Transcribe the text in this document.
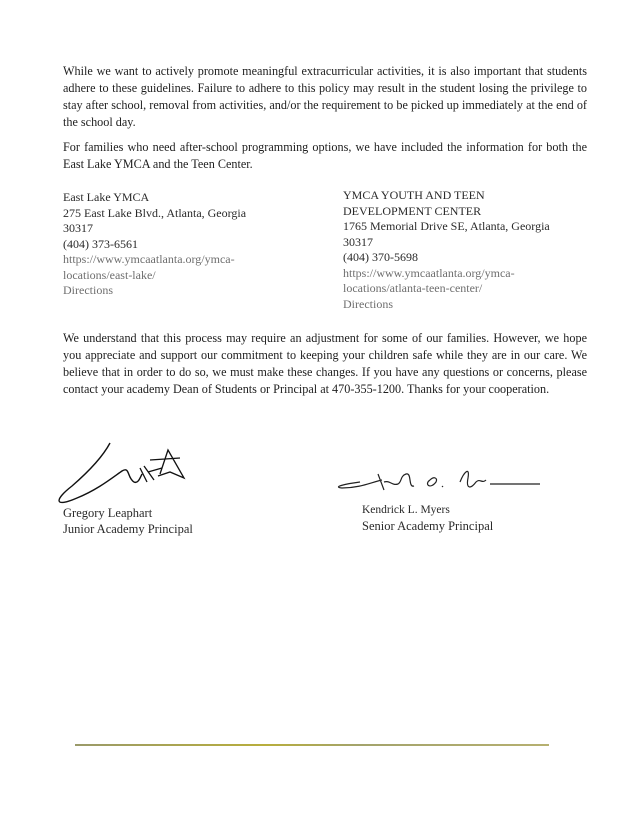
While we want to actively promote meaningful extracurricular activities, it is also important that students adhere to these guidelines. Failure to adhere to this policy may result in the student losing the privilege to stay after school, removal from activities, and/or the requirement to be picked up immediately at the end of the school day.

For families who need after-school programming options, we have included the information for both the East Lake YMCA and the Teen Center.

East Lake YMCA
275 East Lake Blvd., Atlanta, Georgia
30317
(404) 373-6561
https://www.ymcaatlanta.org/ymca-
locations/east-lake/
Directions
YMCA YOUTH AND TEEN
DEVELOPMENT CENTER
1765 Memorial Drive SE, Atlanta, Georgia
30317
(404) 370-5698
https://www.ymcaatlanta.org/ymca-
locations/atlanta-teen-center/
Directions

We understand that this process may require an adjustment for some of our families. However, we hope you appreciate and support our commitment to keeping your children safe while they are in our care. We believe that in order to do so, we must make these changes. If you have any questions or concerns, please contact your academy Dean of Students or Principal at 470-355-1200. Thanks for your cooperation.

Gregory Leaphart
Junior Academy Principal
Kendrick L. Myers
Senior Academy Principal
